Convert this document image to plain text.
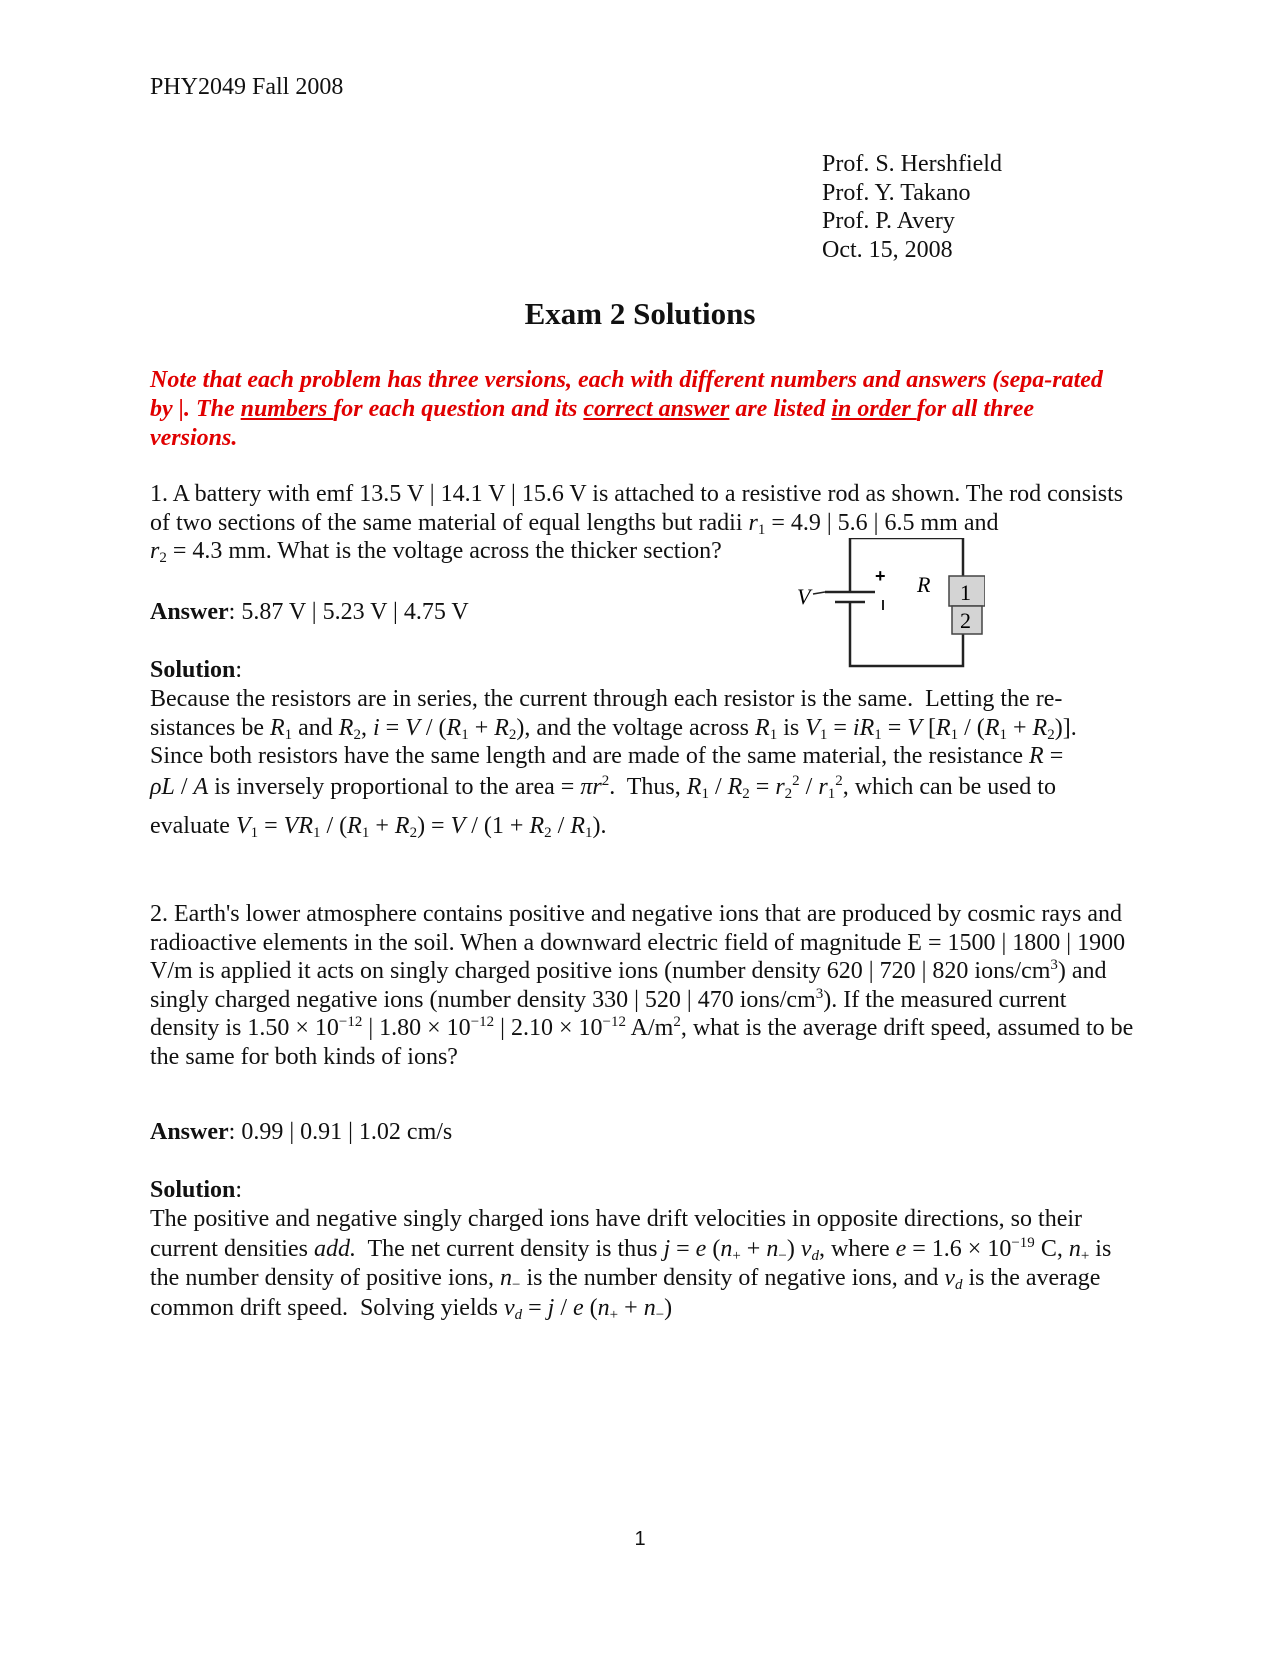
PHY2049 Fall 2008
Prof. S. Hershfield
Prof. Y. Takano
Prof. P. Avery
Oct. 15, 2008
Exam 2 Solutions
Note that each problem has three versions, each with different numbers and answers (sepa-rated by |. The numbers for each question and its correct answer are listed in order for all three versions.
1. A battery with emf 13.5 V | 14.1 V | 15.6 V is attached to a resistive rod as shown. The rod consists of two sections of the same material of equal lengths but radii $r_1 = 4.9$ | 5.6 | 6.5 mm and
$r_2 = 4.3$ mm. What is the voltage across the thicker section?
Answer: 5.87 V | 5.23 V | 4.75 V
V
+ R 1
2
Solution:
Because the resistors are in series, the current through each resistor is the same.  Letting the re-sistances be $R_1$ and $R_2$, $i = V / (R_1 + R_2)$, and the voltage across $R_1$ is $V_1 = iR_1 = V$ $[R_1 / (R_1 + R_2)]$.
Since both resistors have the same length and are made of the same material, the resistance R =
ρL / A is inversely proportional to the area = $\pi r^2$.  Thus, $R_1 / R_2 = r_2^2 / r_1^2$, which can be used to
evaluate $V_1 = VR_1 / (R_1 + R_2) = V / (1 + R_2 / R_1)$.
2. Earth's lower atmosphere contains positive and negative ions that are produced by cosmic rays and radioactive elements in the soil. When a downward electric field of magnitude E = 1500 | 1800 | 1900 V/m is applied it acts on singly charged positive ions (number density 620 | 720 | 820 ions/$cm^3$) and singly charged negative ions (number density 330 | 520 | 470 ions/$cm^3$). If the measured current density is $1.50 \times 10^{-12}$ | $1.80 \times 10^{-12}$ | $2.10 \times 10^{-12}$ $A/m^2$, what is the average drift speed, assumed to be the same for both kinds of ions?
Answer: 0.99 | 0.91 | 1.02 cm/s
Solution:
The positive and negative singly charged ions have drift velocities in opposite directions, so their current densities add.  The net current density is thus j = e $(n_+ + n_-)$ $v_d$, where $e = 1.6 \times 10^{-19}$ C, $n_+$ is the number density of positive ions, $n_-$ is the number density of negative ions, and $v_d$ is the average common drift speed.  Solving yields $v_d = j / e$ $(n_+ + n_-)$
1
